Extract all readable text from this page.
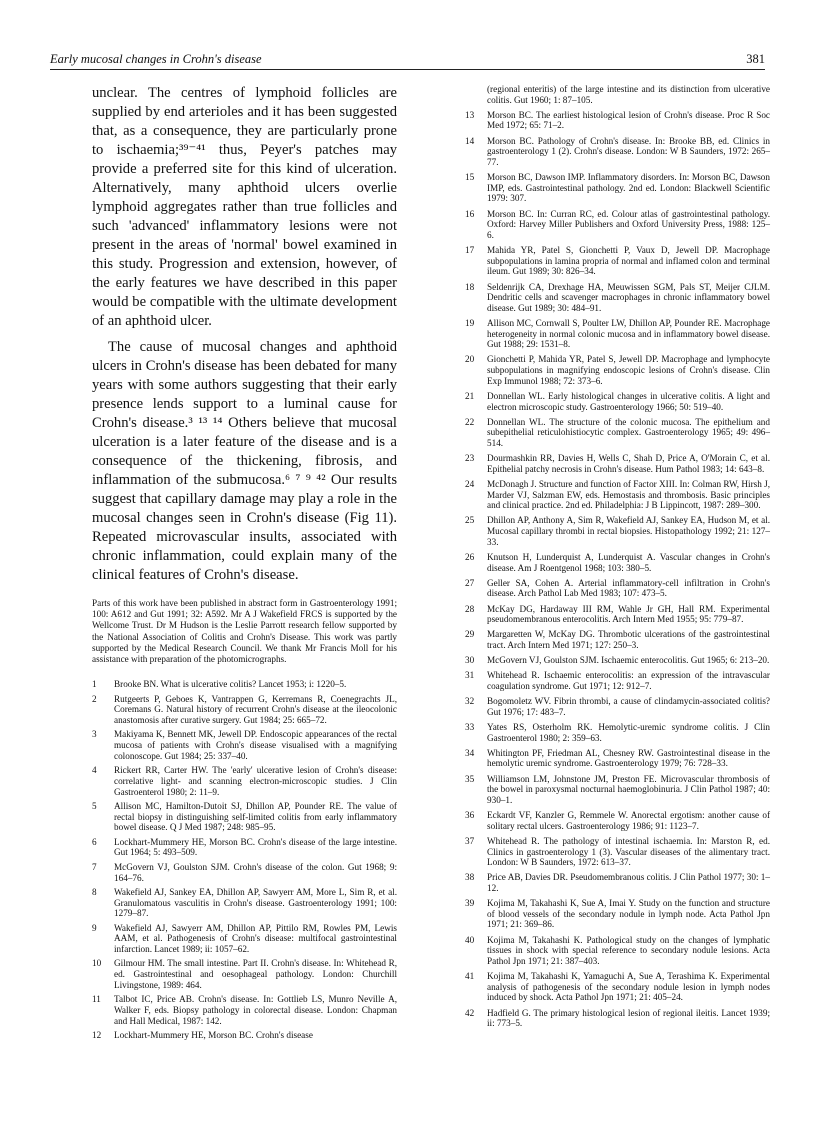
Early mucosal changes in Crohn's disease	381

unclear. The centres of lymphoid follicles are supplied by end arterioles and it has been suggested that, as a consequence, they are particularly prone to ischaemia;³⁹⁻⁴¹ thus, Peyer's patches may provide a preferred site for this kind of ulceration. Alternatively, many aphthoid ulcers overlie lymphoid aggregates rather than true follicles and such 'advanced' inflammatory lesions were not present in the areas of 'normal' bowel examined in this study. Progression and extension, however, of the early features we have described in this paper would be compatible with the ultimate development of an aphthoid ulcer.

The cause of mucosal changes and aphthoid ulcers in Crohn's disease has been debated for many years with some authors suggesting that their early presence lends support to a luminal cause for Crohn's disease.³ ¹³ ¹⁴ Others believe that mucosal ulceration is a later feature of the disease and is a consequence of the thickening, fibrosis, and inflammation of the submucosa.⁶ ⁷ ⁹ ⁴² Our results suggest that capillary damage may play a role in the mucosal changes seen in Crohn's disease (Fig 11). Repeated microvascular insults, associated with chronic inflammation, could explain many of the clinical features of Crohn's disease.

Parts of this work have been published in abstract form in Gastroenterology 1991; 100: A612 and Gut 1991; 32: A592. Mr A J Wakefield FRCS is supported by the Wellcome Trust. Dr M Hudson is the Leslie Parrott research fellow supported by the National Association of Colitis and Crohn's Disease. This work was partly supported by the Medical Research Council. We thank Mr Francis Moll for his assistance with preparation of the photomicrographs.

1	Brooke BN. What is ulcerative colitis? Lancet 1953; i: 1220–5.
2	Rutgeerts P, Geboes K, Vantrappen G, Kerremans R, Coenegrachts JL, Coremans G. Natural history of recurrent Crohn's disease at the ileocolonic anastomosis after curative surgery. Gut 1984; 25: 665–72.
3	Makiyama K, Bennett MK, Jewell DP. Endoscopic appearances of the rectal mucosa of patients with Crohn's disease visualised with a magnifying colonoscope. Gut 1984; 25: 337–40.
4	Rickert RR, Carter HW. The 'early' ulcerative lesion of Crohn's disease: correlative light- and scanning electron-microscopic studies. J Clin Gastroenterol 1980; 2: 11–9.
5	Allison MC, Hamilton-Dutoit SJ, Dhillon AP, Pounder RE. The value of rectal biopsy in distinguishing self-limited colitis from early inflammatory bowel disease. Q J Med 1987; 248: 985–95.
6	Lockhart-Mummery HE, Morson BC. Crohn's disease of the large intestine. Gut 1964; 5: 493–509.
7	McGovern VJ, Goulston SJM. Crohn's disease of the colon. Gut 1968; 9: 164–76.
8	Wakefield AJ, Sankey EA, Dhillon AP, Sawyerr AM, More L, Sim R, et al. Granulomatous vasculitis in Crohn's disease. Gastroenterology 1991; 100: 1279–87.
9	Wakefield AJ, Sawyerr AM, Dhillon AP, Pittilo RM, Rowles PM, Lewis AAM, et al. Pathogenesis of Crohn's disease: multifocal gastrointestinal infarction. Lancet 1989; ii: 1057–62.
10	Gilmour HM. The small intestine. Part II. Crohn's disease. In: Whitehead R, ed. Gastrointestinal and oesophageal pathology. London: Churchill Livingstone, 1989: 464.
11	Talbot IC, Price AB. Crohn's disease. In: Gottlieb LS, Munro Neville A, Walker F, eds. Biopsy pathology in colorectal disease. London: Chapman and Hall Medical, 1987: 142.
12	Lockhart-Mummery HE, Morson BC. Crohn's disease
(regional enteritis) of the large intestine and its distinction from ulcerative colitis. Gut 1960; 1: 87–105.
13	Morson BC. The earliest histological lesion of Crohn's disease. Proc R Soc Med 1972; 65: 71–2.
14	Morson BC. Pathology of Crohn's disease. In: Brooke BB, ed. Clinics in gastroenterology 1 (2). Crohn's disease. London: W B Saunders, 1972: 265–77.
15	Morson BC, Dawson IMP. Inflammatory disorders. In: Morson BC, Dawson IMP, eds. Gastrointestinal pathology. 2nd ed. London: Blackwell Scientific 1979: 307.
16	Morson BC. In: Curran RC, ed. Colour atlas of gastrointestinal pathology. Oxford: Harvey Miller Publishers and Oxford University Press, 1988: 125–6.
17	Mahida YR, Patel S, Gionchetti P, Vaux D, Jewell DP. Macrophage subpopulations in lamina propria of normal and inflamed colon and terminal ileum. Gut 1989; 30: 826–34.
18	Seldenrijk CA, Drexhage HA, Meuwissen SGM, Pals ST, Meijer CJLM. Dendritic cells and scavenger macrophages in chronic inflammatory bowel disease. Gut 1989; 30: 484–91.
19	Allison MC, Cornwall S, Poulter LW, Dhillon AP, Pounder RE. Macrophage heterogeneity in normal colonic mucosa and in inflammatory bowel disease. Gut 1988; 29: 1531–8.
20	Gionchetti P, Mahida YR, Patel S, Jewell DP. Macrophage and lymphocyte subpopulations in magnifying endoscopic lesions of Crohn's disease. Clin Exp Immunol 1988; 72: 373–6.
21	Donnellan WL. Early histological changes in ulcerative colitis. A light and electron microscopic study. Gastroenterology 1966; 50: 519–40.
22	Donnellan WL. The structure of the colonic mucosa. The epithelium and subepithelial reticulohistiocytic complex. Gastroenterology 1965; 49: 496–514.
23	Dourmashkin RR, Davies H, Wells C, Shah D, Price A, O'Morain C, et al. Epithelial patchy necrosis in Crohn's disease. Hum Pathol 1983; 14: 643–8.
24	McDonagh J. Structure and function of Factor XIII. In: Colman RW, Hirsh J, Marder VJ, Salzman EW, eds. Hemostasis and thrombosis. Basic principles and clinical practice. 2nd ed. Philadelphia: J B Lippincott, 1987: 289–300.
25	Dhillon AP, Anthony A, Sim R, Wakefield AJ, Sankey EA, Hudson M, et al. Mucosal capillary thrombi in rectal biopsies. Histopathology 1992; 21: 127–33.
26	Knutson H, Lunderquist A, Lunderquist A. Vascular changes in Crohn's disease. Am J Roentgenol 1968; 103: 380–5.
27	Geller SA, Cohen A. Arterial inflammatory-cell infiltration in Crohn's disease. Arch Pathol Lab Med 1983; 107: 473–5.
28	McKay DG, Hardaway III RM, Wahle Jr GH, Hall RM. Experimental pseudomembranous enterocolitis. Arch Intern Med 1955; 95: 779–87.
29	Margaretten W, McKay DG. Thrombotic ulcerations of the gastrointestinal tract. Arch Intern Med 1971; 127: 250–3.
30	McGovern VJ, Goulston SJM. Ischaemic enterocolitis. Gut 1965; 6: 213–20.
31	Whitehead R. Ischaemic enterocolitis: an expression of the intravascular coagulation syndrome. Gut 1971; 12: 912–7.
32	Bogomoletz WV. Fibrin thrombi, a cause of clindamycin-associated colitis? Gut 1976; 17: 483–7.
33	Yates RS, Osterholm RK. Hemolytic-uremic syndrome colitis. J Clin Gastroenterol 1980; 2: 359–63.
34	Whitington PF, Friedman AL, Chesney RW. Gastrointestinal disease in the hemolytic uremic syndrome. Gastroenterology 1979; 76: 728–33.
35	Williamson LM, Johnstone JM, Preston FE. Microvascular thrombosis of the bowel in paroxysmal nocturnal haemoglobinuria. J Clin Pathol 1987; 40: 930–1.
36	Eckardt VF, Kanzler G, Remmele W. Anorectal ergotism: another cause of solitary rectal ulcers. Gastroenterology 1986; 91: 1123–7.
37	Whitehead R. The pathology of intestinal ischaemia. In: Marston R, ed. Clinics in gastroenterology 1 (3). Vascular diseases of the alimentary tract. London: W B Saunders, 1972: 613–37.
38	Price AB, Davies DR. Pseudomembranous colitis. J Clin Pathol 1977; 30: 1–12.
39	Kojima M, Takahashi K, Sue A, Imai Y. Study on the function and structure of blood vessels of the secondary nodule in lymph node. Acta Pathol Jpn 1971; 21: 369–86.
40	Kojima M, Takahashi K. Pathological study on the changes of lymphatic tissues in shock with special reference to secondary nodule lesions. Acta Pathol Jpn 1971; 21: 387–403.
41	Kojima M, Takahashi K, Yamaguchi A, Sue A, Terashima K. Experimental analysis of pathogenesis of the secondary nodule lesion in lymph nodes induced by shock. Acta Pathol Jpn 1971; 21: 405–24.
42	Hadfield G. The primary histological lesion of regional ileitis. Lancet 1939; ii: 773–5.
